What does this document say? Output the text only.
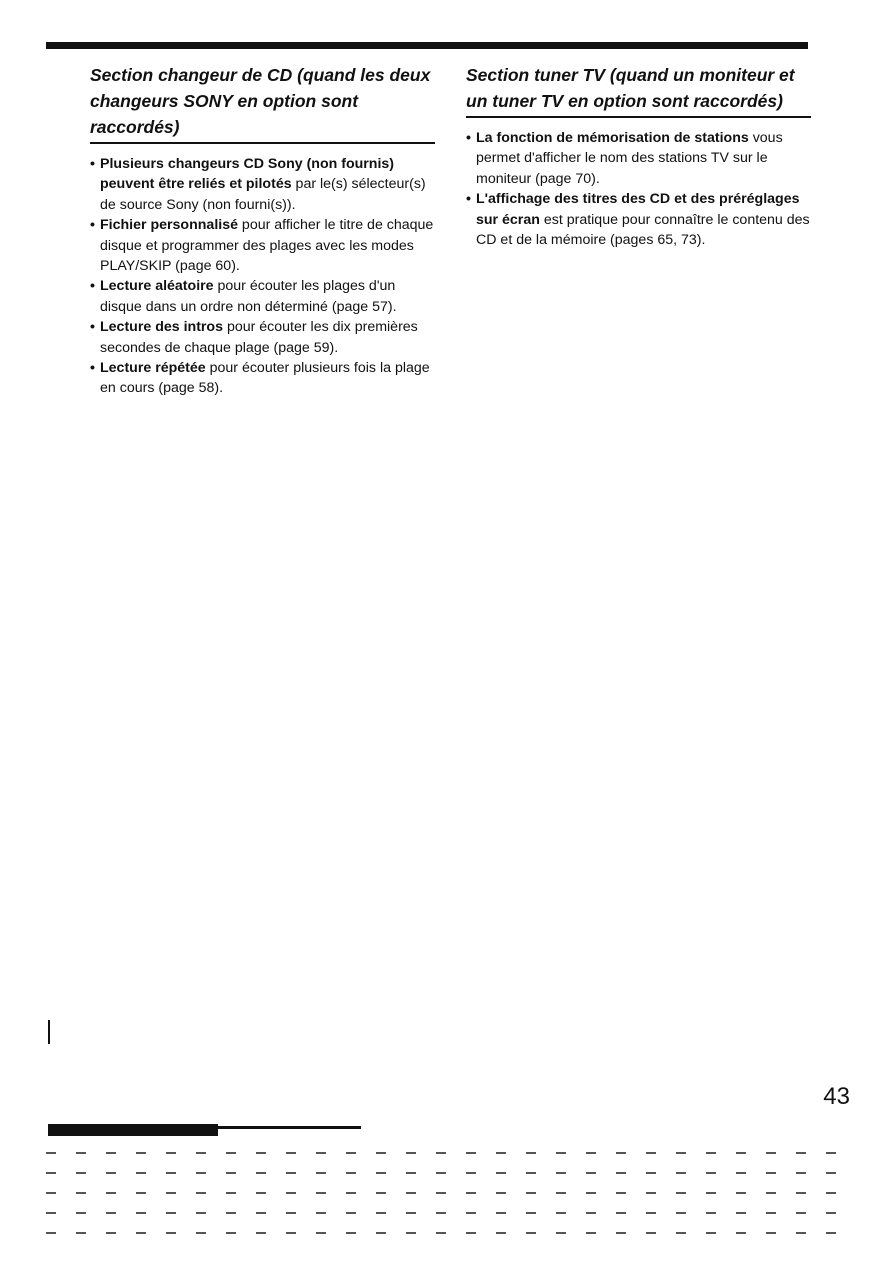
Section changeur de CD (quand les deux changeurs SONY en option sont raccordés)
• Plusieurs changeurs CD Sony (non fournis) peuvent être reliés et pilotés par le(s) sélecteur(s) de source Sony (non fourni(s)).
• Fichier personnalisé pour afficher le titre de chaque disque et programmer des plages avec les modes PLAY/SKIP (page 60).
• Lecture aléatoire pour écouter les plages d'un disque dans un ordre non déterminé (page 57).
• Lecture des intros pour écouter les dix premières secondes de chaque plage (page 59).
• Lecture répétée pour écouter plusieurs fois la plage en cours (page 58).
Section tuner TV (quand un moniteur et un tuner TV en option sont raccordés)
• La fonction de mémorisation de stations vous permet d'afficher le nom des stations TV sur le moniteur (page 70).
• L'affichage des titres des CD et des préréglages sur écran est pratique pour connaître le contenu des CD et de la mémoire (pages 65, 73).
43
